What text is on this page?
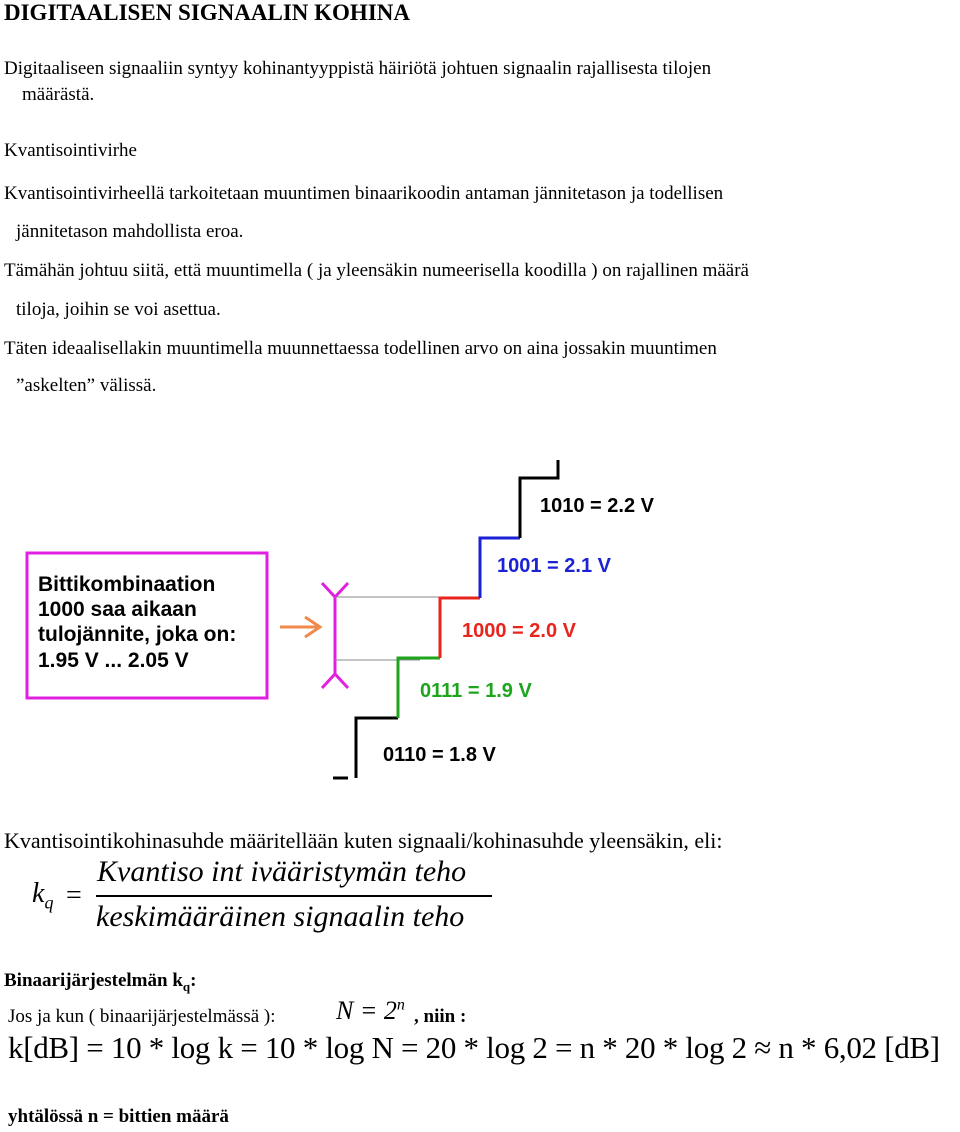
DIGITAALISEN SIGNAALIN KOHINA
Digitaaliseen signaaliin syntyy kohinantyyppistä häiriötä johtuen signaalin rajallisesta tilojen
määrästä.
Kvantisointivirhe
Kvantisointivirheellä tarkoitetaan muuntimen binaarikoodin antaman jännitetason ja todellisen
jännitetason mahdollista eroa.
Tämähän johtuu siitä, että muuntimella ( ja yleensäkin numeerisella koodilla ) on rajallinen määrä
tiloja, joihin se voi asettua.
Täten ideaalisellakin muuntimella muunnettaessa todellinen arvo on aina jossakin muuntimen
”askelten” välissä.
Bittikombinaation
1000 saa aikaan
tulojännite, joka on:
1.95 V ... 2.05 V
1010 = 2.2 V
1001 = 2.1 V
1000 = 2.0 V
0111 = 1.9 V
0110 = 1.8 V
Kvantisointikohinasuhde määritellään kuten signaali/kohinasuhde yleensäkin, eli:
$k_q$ =
Kvantiso int ivääristymän teho
keskimääräinen signaalin teho
Binaarijärjestelmän $k_q$:
Jos ja kun ( binaarijärjestelmässä ): $N = 2^n$
, niin :
k[dB] = 10 * log k = 10 * log N = 20 * log 2 = n * 20 * log 2 ≈ n * 6,02 [dB]
yhtälössä n = bittien määrä
